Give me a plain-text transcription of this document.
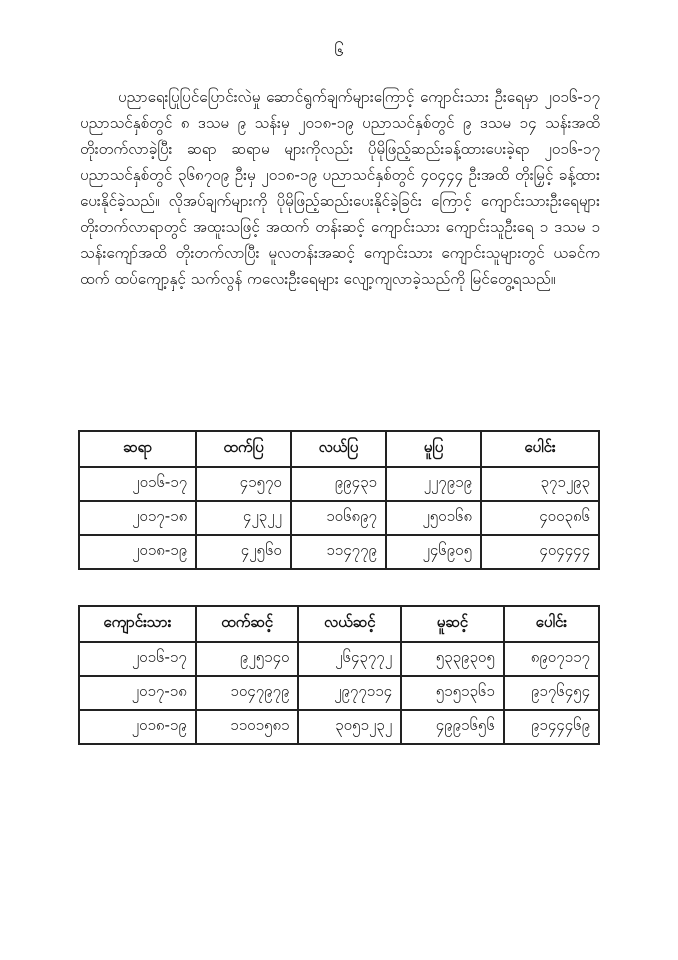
၆
ပညာရေးပြုပြင်ပြောင်းလဲမှု ဆောင်ရွက်ချက်များကြောင့် ကျောင်းသား ဦးရေမှာ ၂၀၁၆-၁၇ ပညာသင်နှစ်တွင် ၈ ဒသမ ၉ သန်းမှ ၂၀၁၈-၁၉ ပညာသင်နှစ်တွင် ၉ ဒသမ ၁၄ သန်းအထိ တိုးတက်လာခဲ့ပြီး ဆရာ ဆရာမ များကိုလည်း ပိုမိုဖြည့်ဆည်းခန့်ထားပေးခဲ့ရာ ၂၀၁၆-၁၇ ပညာသင်နှစ်တွင် ၃၆၈၇၀၉ ဦးမှ ၂၀၁၈-၁၉ ပညာသင်နှစ်တွင် ၄၀၄၄၄ ဦးအထိ တိုးမြှင့် ခန့်ထားပေးနိုင်ခဲ့သည်။ လိုအပ်ချက်များကို ပိုမိုဖြည့်ဆည်းပေးနိုင်ခဲ့ခြင်း ကြောင့် ကျောင်းသားဦးရေများ တိုးတက်လာရာတွင် အထူးသဖြင့် အထက် တန်းဆင့် ကျောင်းသား ကျောင်းသူဦးရေ ၁ ဒသမ ၁ သန်းကျော်အထိ တိုးတက်လာပြီး မူလတန်းအဆင့် ကျောင်းသား ကျောင်းသူများတွင် ယခင်က ထက် ထပ်ကျော့နှင့် သက်လွန် ကလေးဦးရေများ လျော့ကျလာခဲ့သည်ကို မြင်တွေ့ရသည်။
ဆရာ	ထက်ပြ	လယ်ပြ	မူပြ	ပေါင်း
၂၀၁၆-၁၇	၄၁၅၇၀	၉၉၄၃၁	၂၂၇၉၁၉	၃၇၁၂၉၃
၂၀၁၇-၁၈	၄၂၃၂၂	၁၀၆၈၉၇	၂၅၀၁၆၈	၄၀၀၃၈၆
၂၀၁၈-၁၉	၄၂၅၆၀	၁၁၄၇၇၉	၂၄၆၉၀၅	၄၀၄၄၄၄
ကျောင်းသား	ထက်ဆင့်	လယ်ဆင့်	မူဆင့်	ပေါင်း
၂၀၁၆-၁၇	၉၂၅၁၄၀	၂၆၄၃၇၇၂	၅၃၃၉၃၀၅	၈၉၀၇၁၁၇
၂၀၁၇-၁၈	၁၀၄၇၉၇၉	၂၉၇၇၁၁၄	၅၁၅၁၃၆၁	၉၁၇၆၄၅၄
၂၀၁၈-၁၉	၁၁၀၁၅၈၁	၃၀၅၁၂၃၂	၄၉၉၁၆၅၆	၉၁၄၄၄၆၉
